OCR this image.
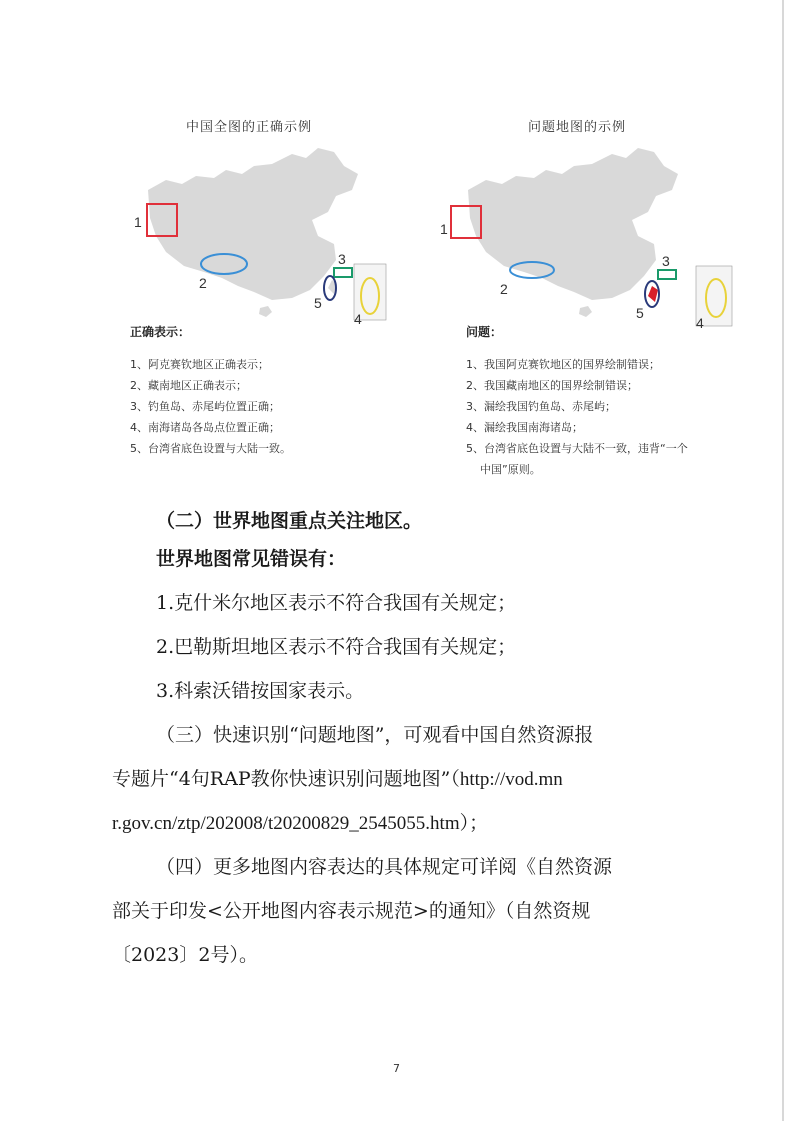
中国全图的正确示例
1
2
3
5
4
问题地图的示例
1
2
3
5
4
正确表示：
1、阿克赛钦地区正确表示；
2、藏南地区正确表示；
3、钓鱼岛、赤尾屿位置正确；
4、南海诸岛各岛点位置正确；
5、台湾省底色设置与大陆一致。
问题：
1、我国阿克赛钦地区的国界绘制错误；
2、我国藏南地区的国界绘制错误；
3、漏绘我国钓鱼岛、赤尾屿；
4、漏绘我国南海诸岛；
5、台湾省底色设置与大陆不一致，违背“一个
中国”原则。
（二）世界地图重点关注地区。
世界地图常见错误有：
1.克什米尔地区表示不符合我国有关规定；
2.巴勒斯坦地区表示不符合我国有关规定；
3.科索沃错按国家表示。
（三）快速识别“问题地图”，可观看中国自然资源报
专题片“4句RAP教你快速识别问题地图”（http://vod.mn
r.gov.cn/ztp/202008/t20200829_2545055.htm）；
（四）更多地图内容表达的具体规定可详阅《自然资源
部关于印发<公开地图内容表示规范>的通知》（自然资规
〔2023〕2号）。
7
